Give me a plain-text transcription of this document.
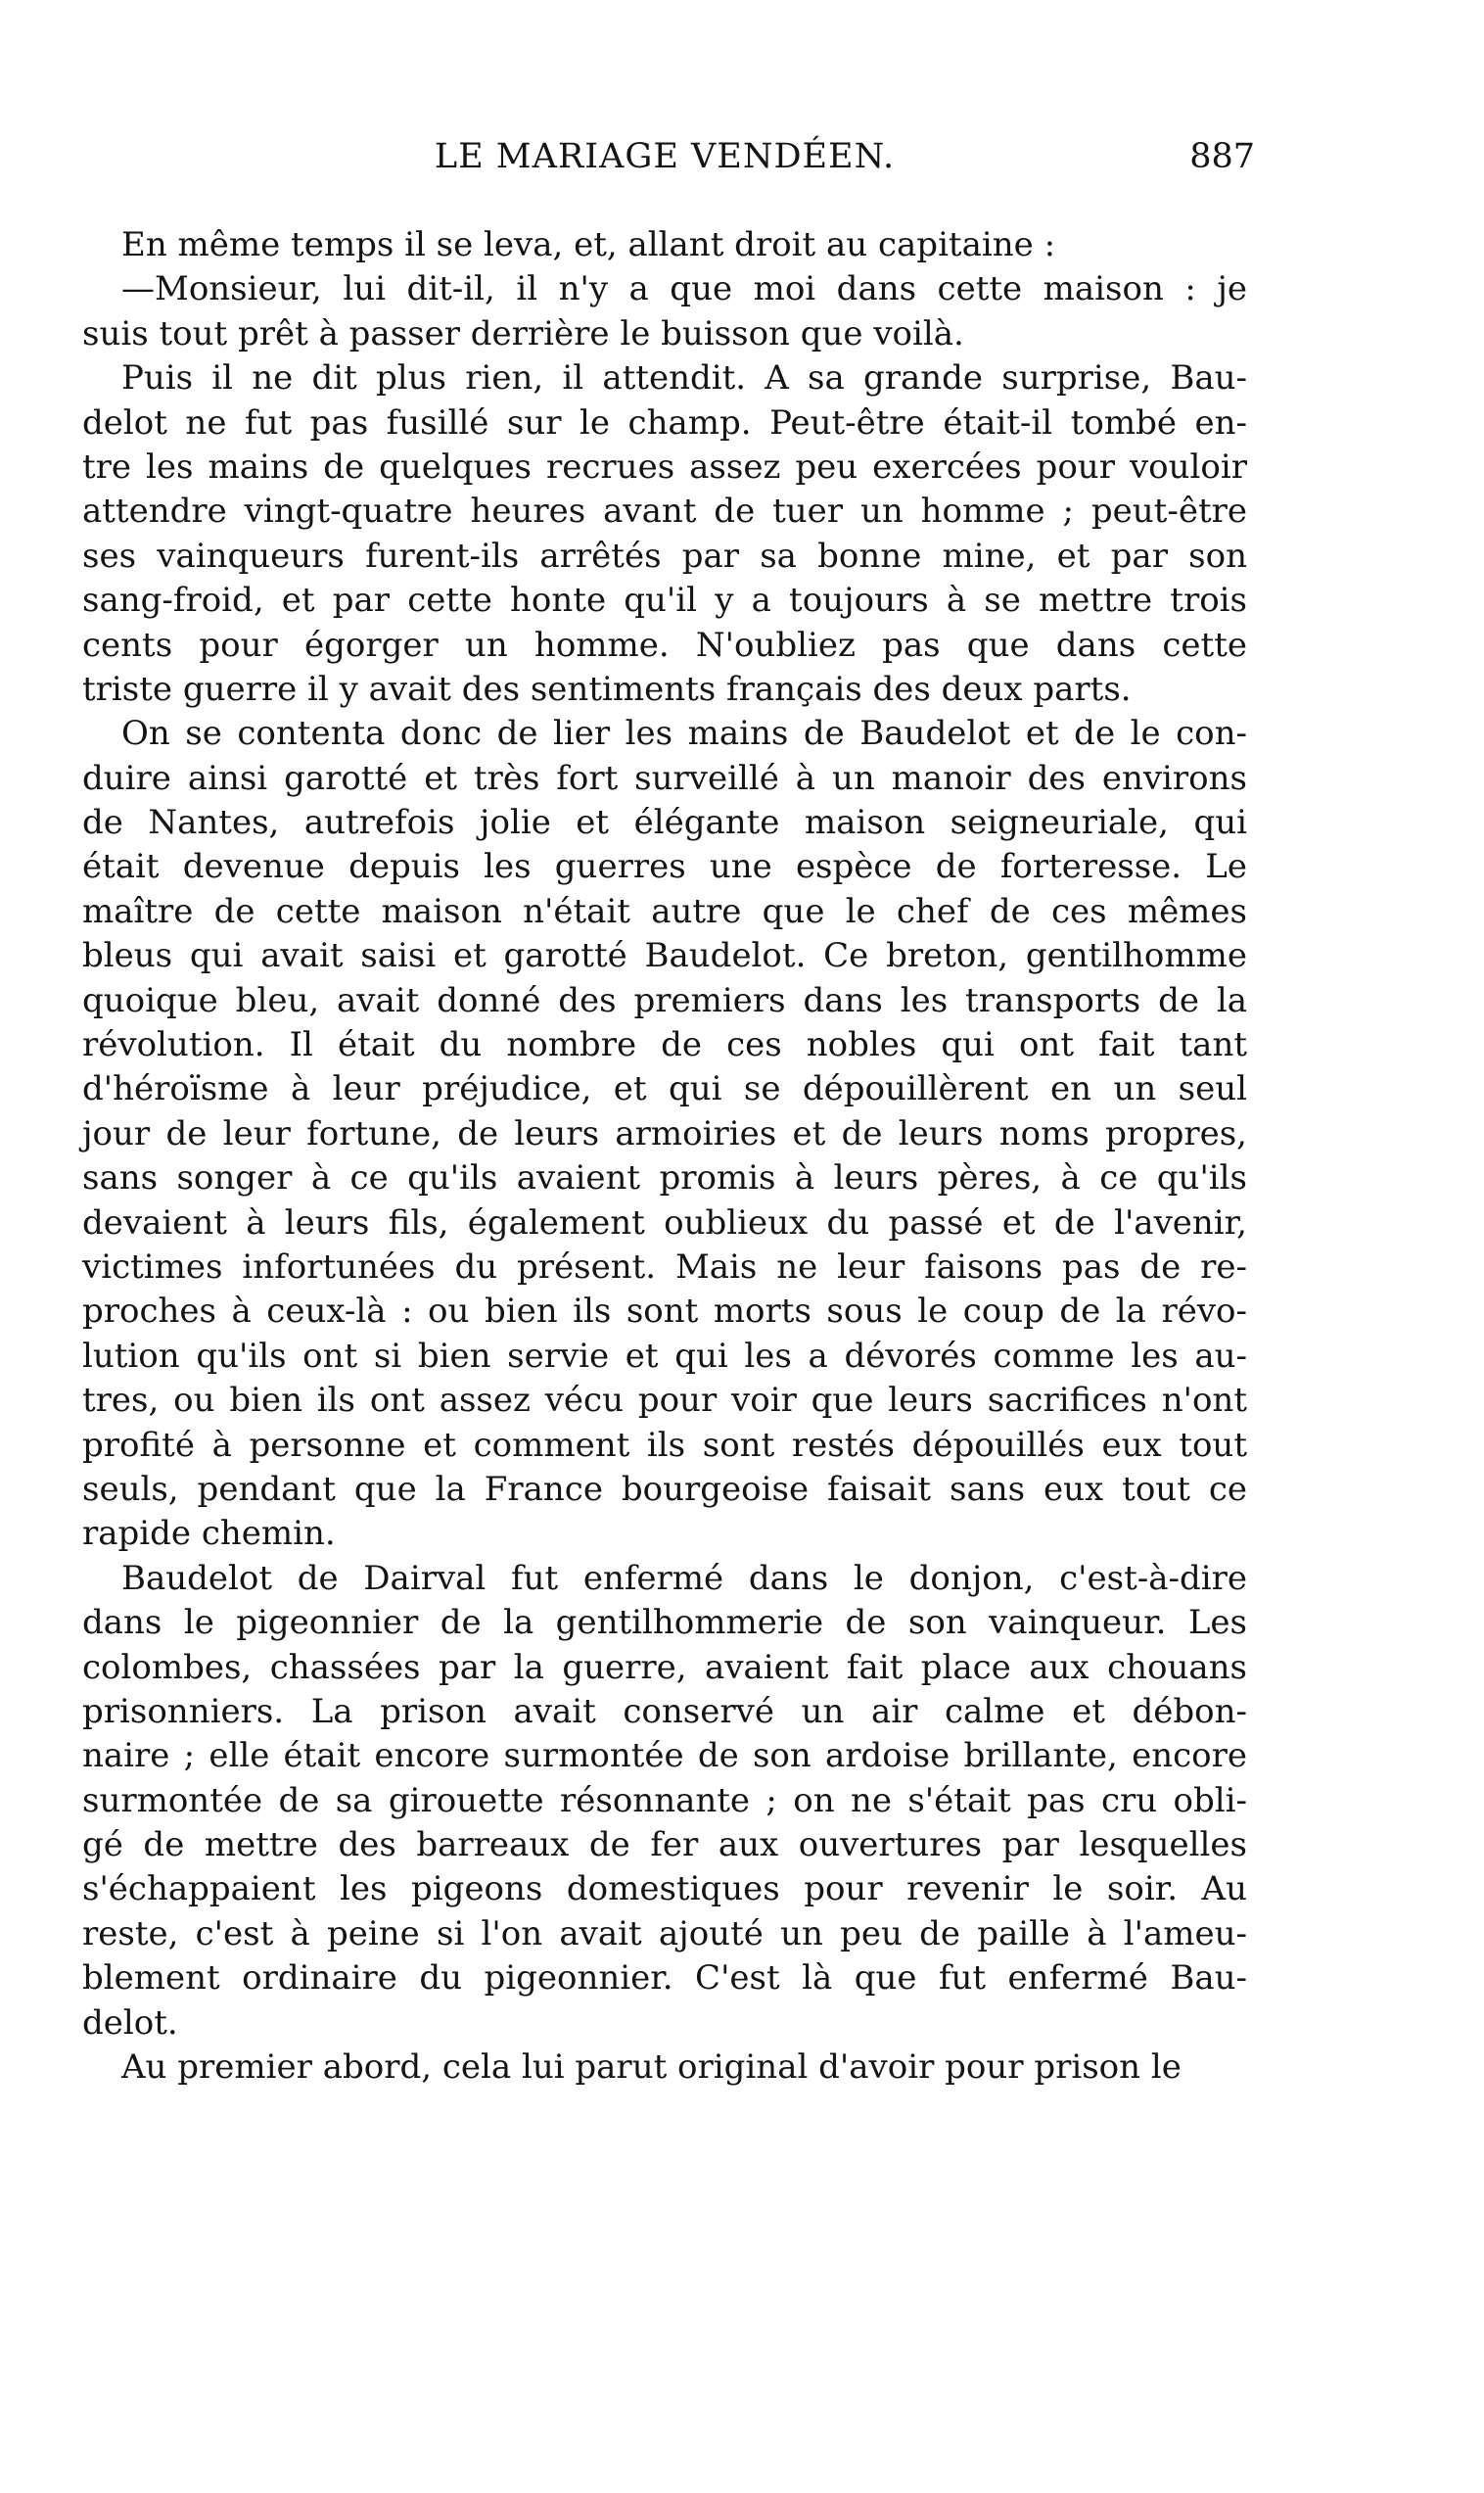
LE MARIAGE VENDÉEN.	887
En même temps il se leva, et, allant droit au capitaine :
—Monsieur, lui dit-il, il n'y a que moi dans cette maison : je
suis tout prêt à passer derrière le buisson que voilà.
Puis il ne dit plus rien, il attendit. A sa grande surprise, Bau-
delot ne fut pas fusillé sur le champ. Peut-être était-il tombé en-
tre les mains de quelques recrues assez peu exercées pour vouloir
attendre vingt-quatre heures avant de tuer un homme ; peut-être
ses vainqueurs furent-ils arrêtés par sa bonne mine, et par son
sang-froid, et par cette honte qu'il y a toujours à se mettre trois
cents pour égorger un homme. N'oubliez pas que dans cette
triste guerre il y avait des sentiments français des deux parts.
On se contenta donc de lier les mains de Baudelot et de le con-
duire ainsi garotté et très fort surveillé à un manoir des environs
de Nantes, autrefois jolie et élégante maison seigneuriale, qui
était devenue depuis les guerres une espèce de forteresse. Le
maître de cette maison n'était autre que le chef de ces mêmes
bleus qui avait saisi et garotté Baudelot. Ce breton, gentilhomme
quoique bleu, avait donné des premiers dans les transports de la
révolution. Il était du nombre de ces nobles qui ont fait tant
d'héroïsme à leur préjudice, et qui se dépouillèrent en un seul
jour de leur fortune, de leurs armoiries et de leurs noms propres,
sans songer à ce qu'ils avaient promis à leurs pères, à ce qu'ils
devaient à leurs fils, également oublieux du passé et de l'avenir,
victimes infortunées du présent. Mais ne leur faisons pas de re-
proches à ceux-là : ou bien ils sont morts sous le coup de la révo-
lution qu'ils ont si bien servie et qui les a dévorés comme les au-
tres, ou bien ils ont assez vécu pour voir que leurs sacrifices n'ont
profité à personne et comment ils sont restés dépouillés eux tout
seuls, pendant que la France bourgeoise faisait sans eux tout ce
rapide chemin.
Baudelot de Dairval fut enfermé dans le donjon, c'est-à-dire
dans le pigeonnier de la gentilhommerie de son vainqueur. Les
colombes, chassées par la guerre, avaient fait place aux chouans
prisonniers. La prison avait conservé un air calme et débon-
naire ; elle était encore surmontée de son ardoise brillante, encore
surmontée de sa girouette résonnante ; on ne s'était pas cru obli-
gé de mettre des barreaux de fer aux ouvertures par lesquelles
s'échappaient les pigeons domestiques pour revenir le soir. Au
reste, c'est à peine si l'on avait ajouté un peu de paille à l'ameu-
blement ordinaire du pigeonnier. C'est là que fut enfermé Bau-
delot.
Au premier abord, cela lui parut original d'avoir pour prison le
